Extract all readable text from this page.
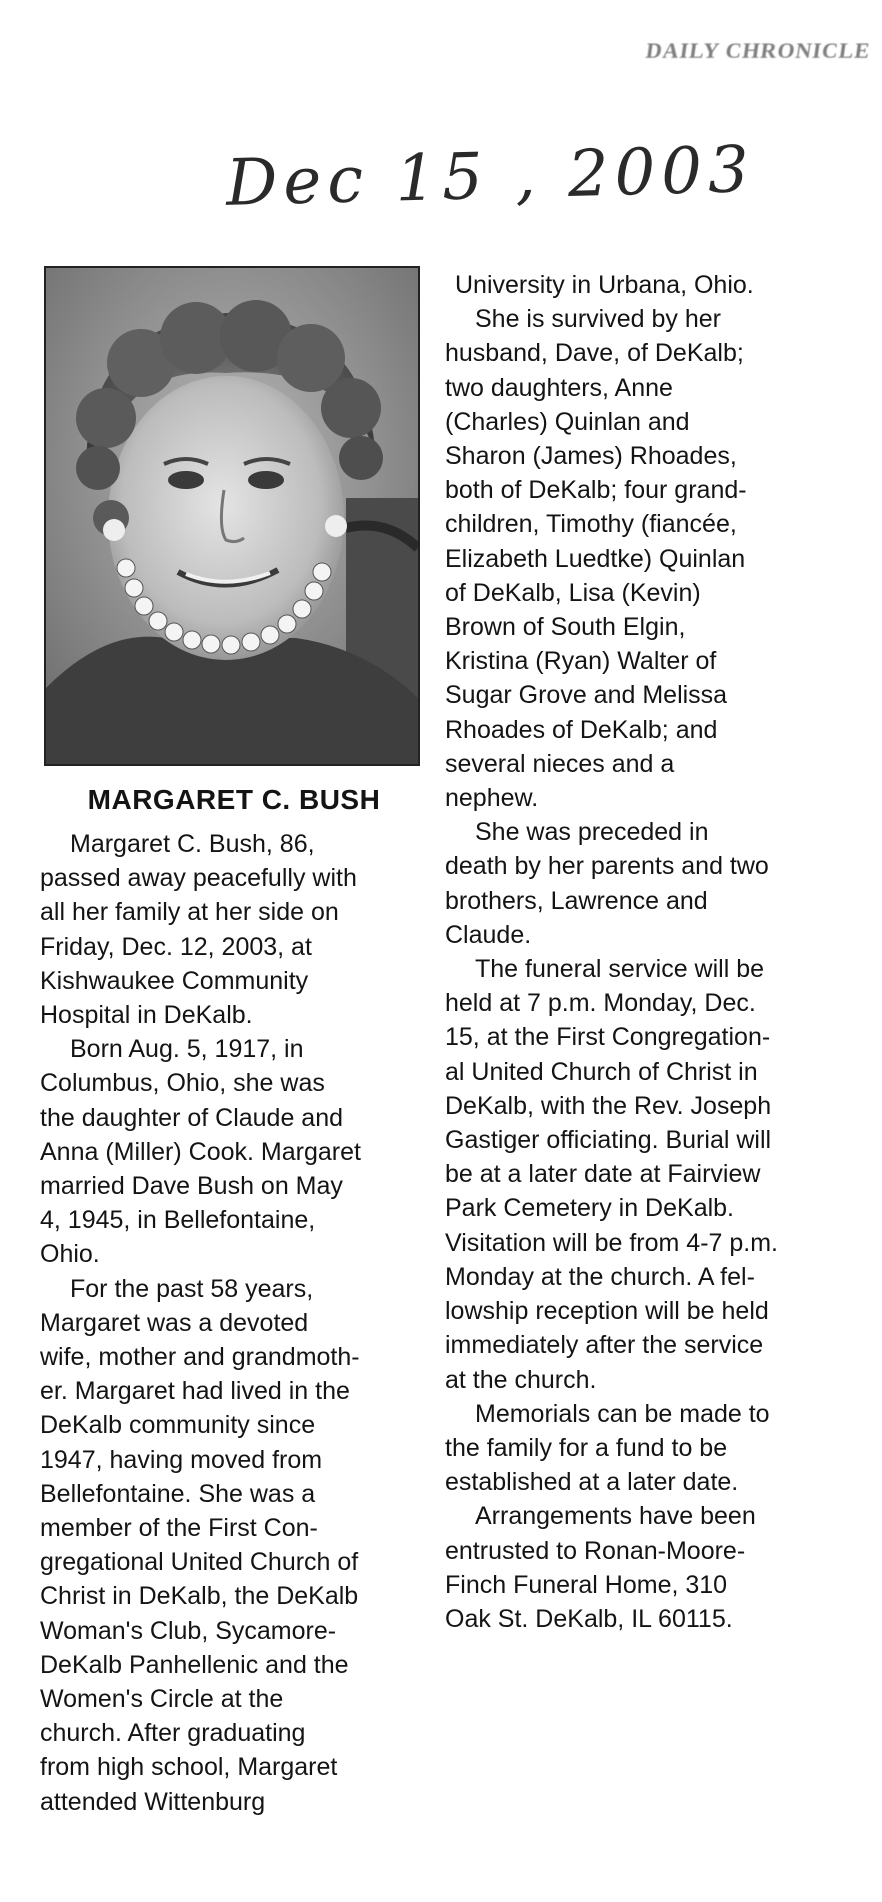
DAILY CHRONICLE
Dec 15 , 2003
MARGARET C. BUSH

Margaret C. Bush, 86,
passed away peacefully with
all her family at her side on
Friday, Dec. 12, 2003, at
Kishwaukee Community
Hospital in DeKalb.

Born Aug. 5, 1917, in
Columbus, Ohio, she was
the daughter of Claude and
Anna (Miller) Cook. Margaret
married Dave Bush on May
4, 1945, in Bellefontaine,
Ohio.

For the past 58 years,
Margaret was a devoted
wife, mother and grandmoth-
er. Margaret had lived in the
DeKalb community since
1947, having moved from
Bellefontaine. She was a
member of the First Con-
gregational United Church of
Christ in DeKalb, the DeKalb
Woman's Club, Sycamore-
DeKalb Panhellenic and the
Women's Circle at the
church. After graduating
from high school, Margaret
attended Wittenburg

University in Urbana, Ohio.

She is survived by her
husband, Dave, of DeKalb;
two daughters, Anne
(Charles) Quinlan and
Sharon (James) Rhoades,
both of DeKalb; four grand-
children, Timothy (fiancée,
Elizabeth Luedtke) Quinlan
of DeKalb, Lisa (Kevin)
Brown of South Elgin,
Kristina (Ryan) Walter of
Sugar Grove and Melissa
Rhoades of DeKalb; and
several nieces and a
nephew.

She was preceded in
death by her parents and two
brothers, Lawrence and
Claude.

The funeral service will be
held at 7 p.m. Monday, Dec.
15, at the First Congregation-
al United Church of Christ in
DeKalb, with the Rev. Joseph
Gastiger officiating. Burial will
be at a later date at Fairview
Park Cemetery in DeKalb.
Visitation will be from 4-7 p.m.
Monday at the church. A fel-
lowship reception will be held
immediately after the service
at the church.

Memorials can be made to
the family for a fund to be
established at a later date.

Arrangements have been
entrusted to Ronan-Moore-
Finch Funeral Home, 310
Oak St. DeKalb, IL 60115.
